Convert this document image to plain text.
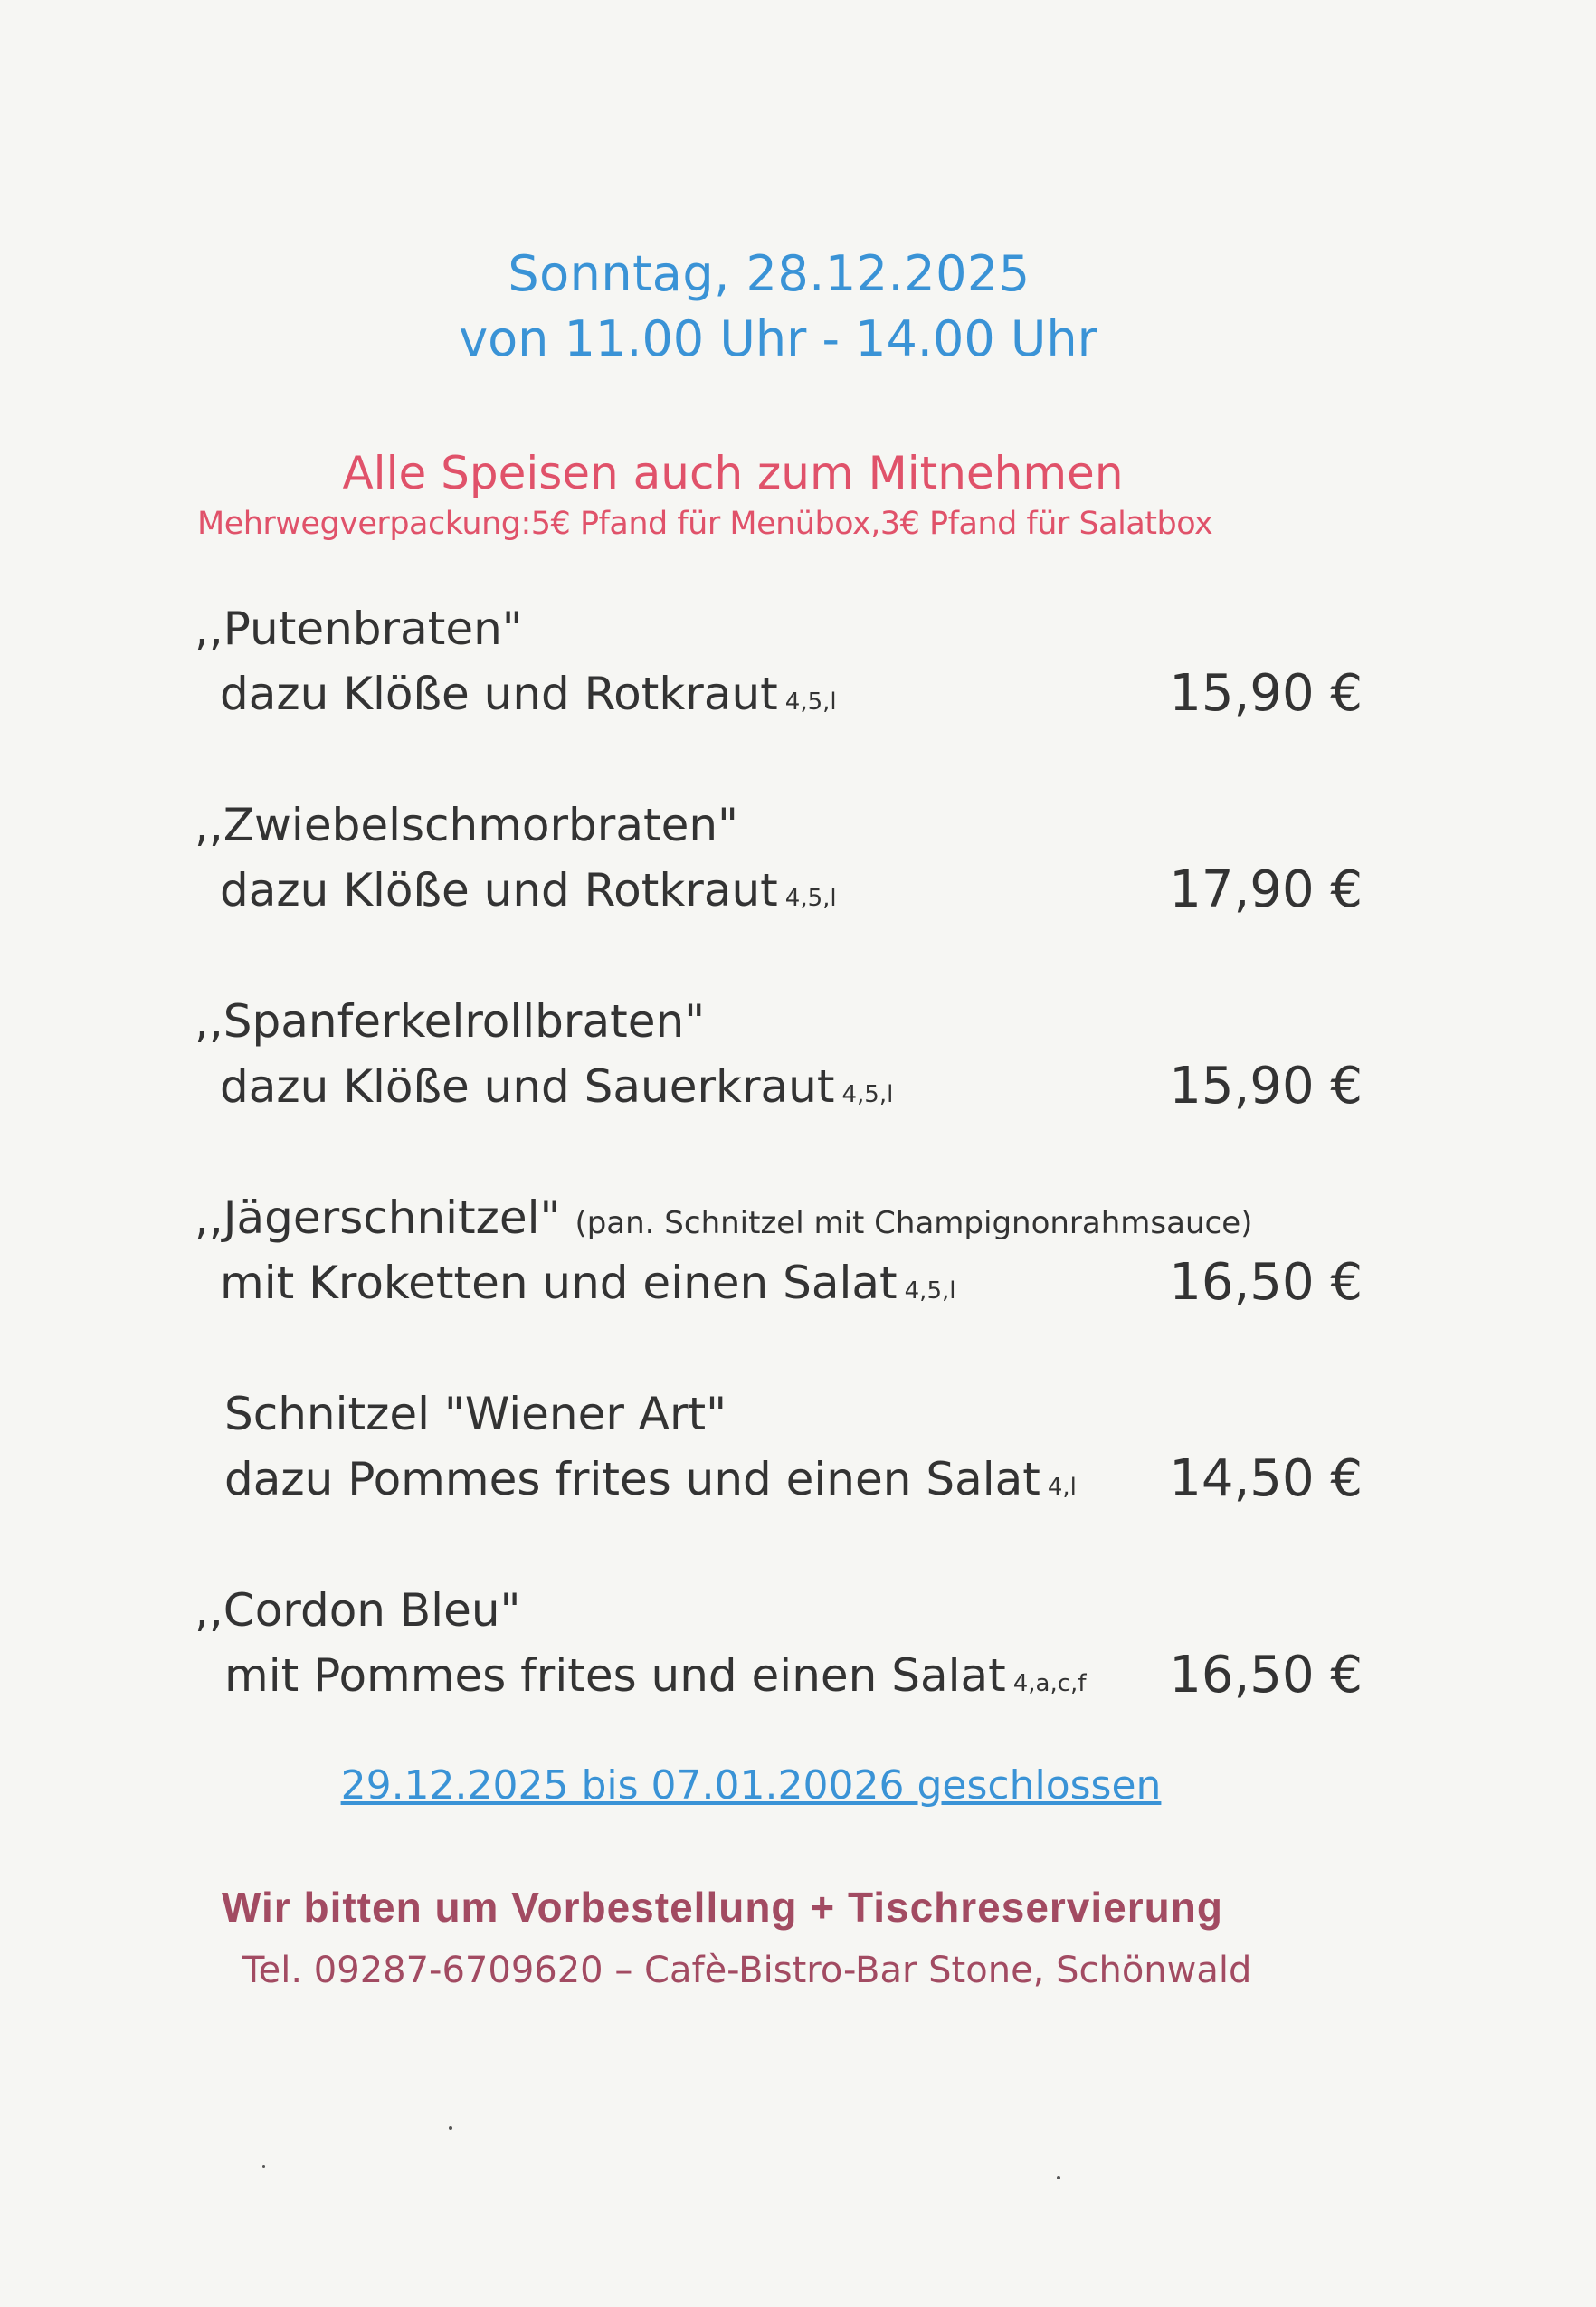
Sonntag, 28.12.2025
von 11.00 Uhr - 14.00 Uhr
Alle Speisen auch zum Mitnehmen
Mehrwegverpackung:5€ Pfand für Menübox,3€ Pfand für Salatbox
,,Putenbraten"
dazu Klöße und Rotkraut 4,5,l	15,90 €
,,Zwiebelschmorbraten"
dazu Klöße und Rotkraut 4,5,l	17,90 €
,,Spanferkelrollbraten"
dazu Klöße und Sauerkraut 4,5,l	15,90 €
,,Jägerschnitzel" (pan. Schnitzel mit Champignonrahmsauce)
mit Kroketten und einen Salat 4,5,l	16,50 €
Schnitzel "Wiener Art"
dazu Pommes frites und einen Salat 4,l 14,50 €
,,Cordon Bleu"
mit Pommes frites und einen Salat 4,a,c,f 16,50 €
29.12.2025 bis 07.01.20026 geschlossen
Wir bitten um Vorbestellung + Tischreservierung
Tel. 09287-6709620 – Cafè-Bistro-Bar Stone, Schönwald
